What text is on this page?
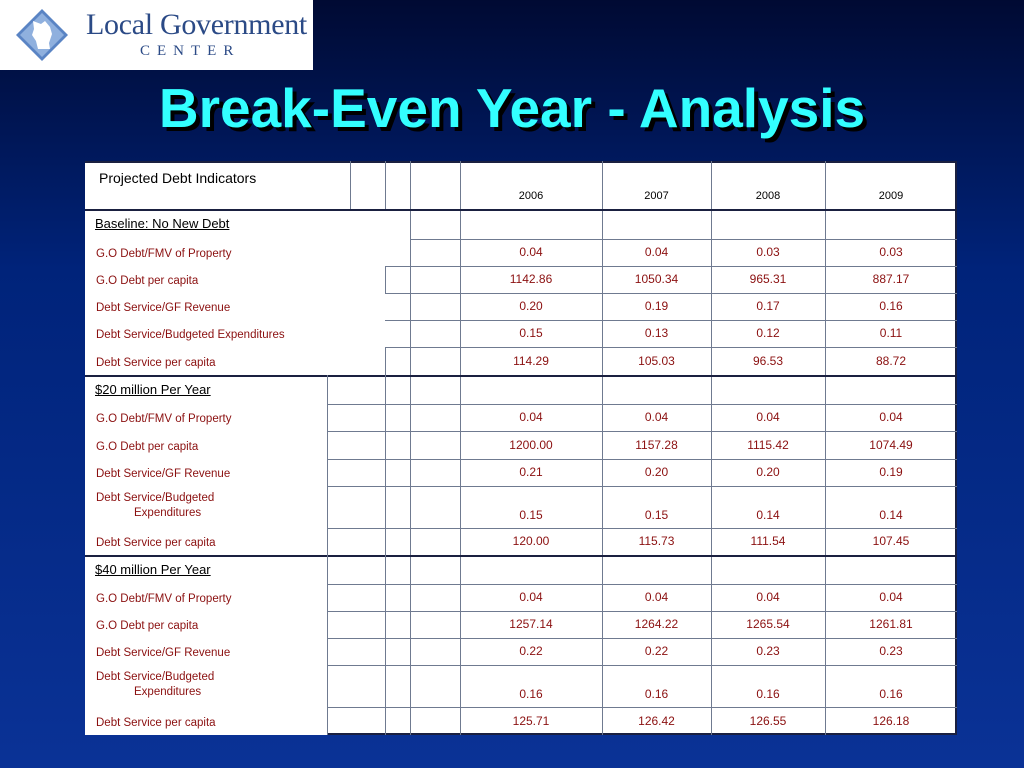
Local Government
CENTER
Break-Even Year - Analysis
Projected Debt Indicators
2006	2007	2008	2009
Baseline: No New Debt
G.O Debt/FMV of Property	0.04	0.04	0.03	0.03
G.O Debt per capita	1142.86	1050.34	965.31	887.17
Debt Service/GF Revenue	0.20	0.19	0.17	0.16
Debt Service/Budgeted Expenditures	0.15	0.13	0.12	0.11
Debt Service per capita	114.29	105.03	96.53	88.72
$20 million Per Year
G.O Debt/FMV of Property	0.04	0.04	0.04	0.04
G.O Debt per capita	1200.00	1157.28	1115.42	1074.49
Debt Service/GF Revenue	0.21	0.20	0.20	0.19
Debt Service/Budgeted
Expenditures	0.15	0.15	0.14	0.14
Debt Service per capita	120.00	115.73	111.54	107.45
$40 million Per Year
G.O Debt/FMV of Property	0.04	0.04	0.04	0.04
G.O Debt per capita	1257.14	1264.22	1265.54	1261.81
Debt Service/GF Revenue	0.22	0.22	0.23	0.23
Debt Service/Budgeted
Expenditures	0.16	0.16	0.16	0.16
Debt Service per capita	125.71	126.42	126.55	126.18
